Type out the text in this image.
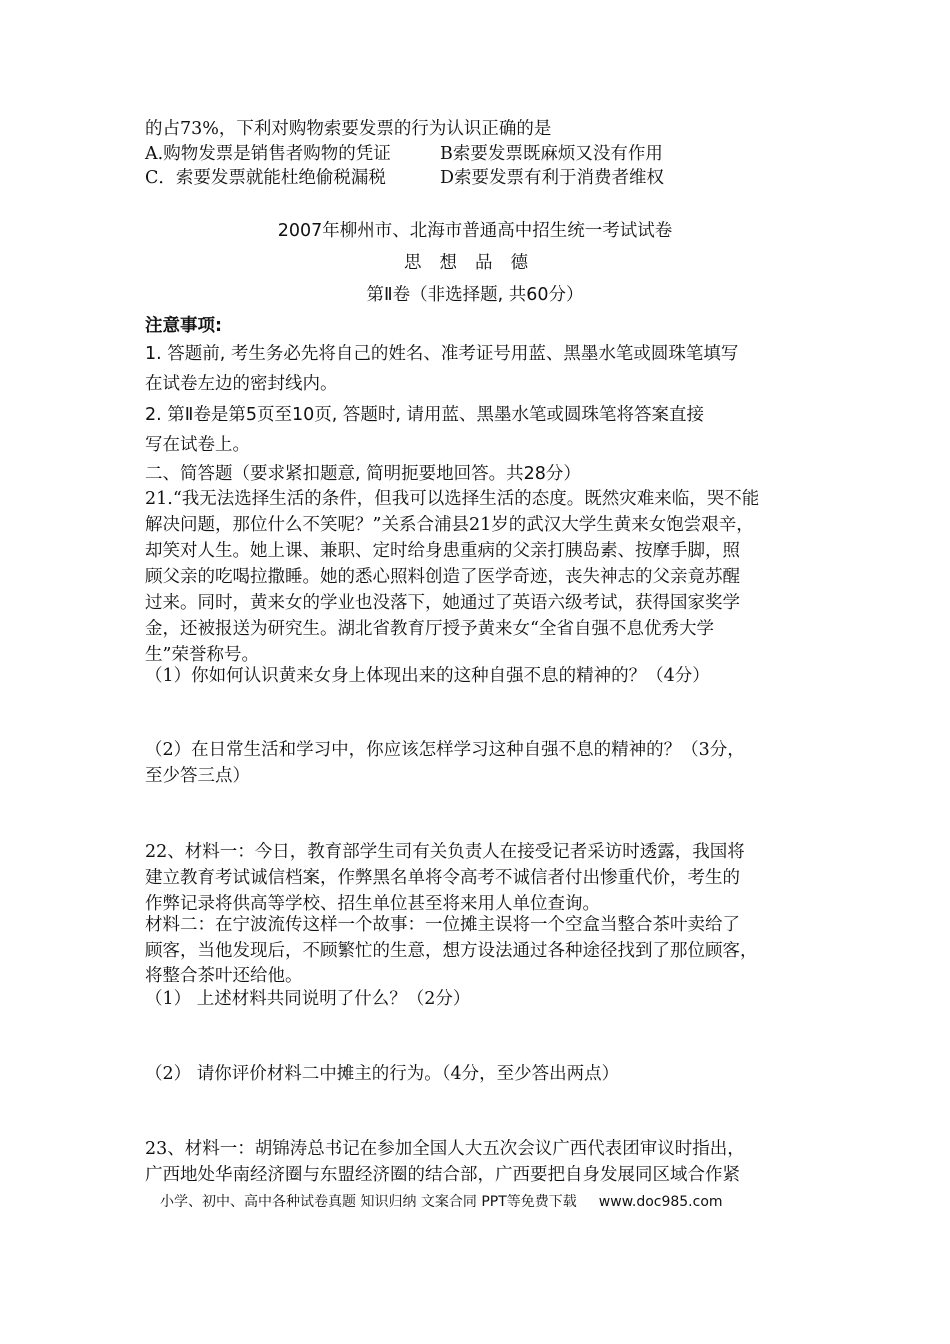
的占73%，下利对购物索要发票的行为认识正确的是
A.购物发票是销售者购物的凭证	B索要发票既麻烦又没有作用
C．索要发票就能杜绝偷税漏税	D索要发票有利于消费者维权
2007年柳州市、北海市普通高中招生统一考试试卷
思想品德
第Ⅱ卷（非选择题, 共60分）
注意事项:
1. 答题前, 考生务必先将自己的姓名、准考证号用蓝、黑墨水笔或圆珠笔填写
在试卷左边的密封线内。
2. 第Ⅱ卷是第5页至10页, 答题时, 请用蓝、黑墨水笔或圆珠笔将答案直接
写在试卷上。
二、简答题（要求紧扣题意, 简明扼要地回答。共28分）
21.“我无法选择生活的条件，但我可以选择生活的态度。既然灾难来临，哭不能
解决问题，那位什么不笑呢？”关系合浦县21岁的武汉大学生黄来女饱尝艰辛，
却笑对人生。她上课、兼职、定时给身患重病的父亲打胰岛素、按摩手脚，照
顾父亲的吃喝拉撒睡。她的悉心照料创造了医学奇迹，丧失神志的父亲竟苏醒
过来。同时，黄来女的学业也没落下，她通过了英语六级考试，获得国家奖学
金，还被报送为研究生。湖北省教育厅授予黄来女“全省自强不息优秀大学
生”荣誉称号。
（1）你如何认识黄来女身上体现出来的这种自强不息的精神的？（4分）
（2）在日常生活和学习中，你应该怎样学习这种自强不息的精神的？（3分，
至少答三点）
22、材料一：今日，教育部学生司有关负责人在接受记者采访时透露，我国将
建立教育考试诚信档案，作弊黑名单将令高考不诚信者付出惨重代价，考生的
作弊记录将供高等学校、招生单位甚至将来用人单位查询。
材料二：在宁波流传这样一个故事：一位摊主误将一个空盒当整合茶叶卖给了
顾客，当他发现后，不顾繁忙的生意，想方设法通过各种途径找到了那位顾客，
将整合茶叶还给他。
（1） 上述材料共同说明了什么？（2分）
（2） 请你评价材料二中摊主的行为。（4分，至少答出两点）
23、材料一：胡锦涛总书记在参加全国人大五次会议广西代表团审议时指出，
广西地处华南经济圈与东盟经济圈的结合部，广西要把自身发展同区域合作紧
小学、初中、高中各种试卷真题 知识归纳 文案合同 PPT等免费下载 www.doc985.com
